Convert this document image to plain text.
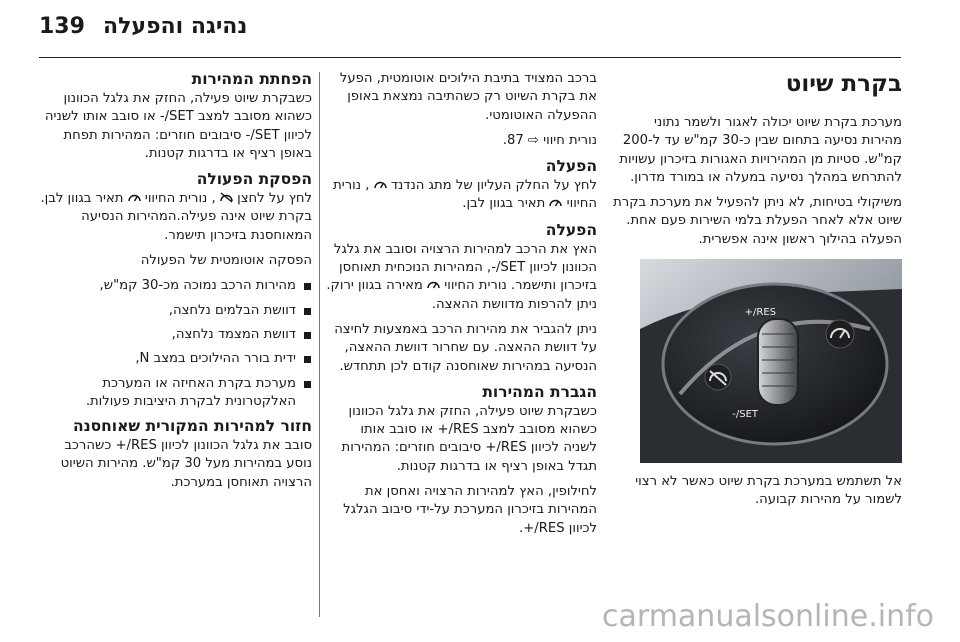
139 נהיגה והפעלה
בקרת שיוט

מערכת בקרת שיוט יכולה לאגור ולשמר נתוני מהירות נסיעה בתחום שבין כ-30 קמ"ש עד ל-200 קמ"ש. סטיות מן המהירויות האגורות בזיכרון עשויות להתרחש במהלך נסיעה במעלה או במורד מדרון.

משיקולי בטיחות, לא ניתן להפעיל את מערכת בקרת שיוט אלא לאחר הפעלת בלמי השירות פעם אחת. הפעלה בהילוך ראשון אינה אפשרית.

RES/+
SET/-

אל תשתמש במערכת בקרת שיוט כאשר לא רצוי לשמור על מהירות קבועה.

ברכב המצויד בתיבת הילוכים אוטומטית, הפעל את בקרת השיוט רק כשהתיבה נמצאת באופן ההפעלה האוטומטי.

נורית חיווי ⇨ 87.

הפעלה

לחץ על החלק העליון של מתג הנדנד  , נורית החיווי  תאיר בגוון לבן.

הפעלה

האץ את הרכב למהירות הרצויה וסובב את גלגל הכוונון לכיוון SET/-, המהירות הנוכחית תאוחסן בזיכרון ותישמר. נורית החיווי  מאירה בגוון ירוק. ניתן להרפות מדוושת ההאצה.

ניתן להגביר את מהירות הרכב באמצעות לחיצה על דוושת ההאצה. עם שחרור דוושת ההאצה, הנסיעה במהירות שאוחסנה קודם לכן תתחדש.

הגברת המהירות

כשבקרת שיוט פעילה, החזק את גלגל הכוונון כשהוא מסובב למצב RES/+ או סובב אותו לשניה לכיוון RES/+ סיבובים חוזרים: המהירות תגדל באופן רציף או בדרגות קטנות.

לחילופין, האץ למהירות הרצויה ואחסן את המהירות בזיכרון המערכת על-ידי סיבוב הגלגל לכיוון RES/+.

הפחתת המהירות

כשבקרת שיוט פעילה, החזק את גלגל הכוונון כשהוא מסובב למצב SET/- או סובב אותו לשניה לכיוון SET/- סיבובים חוזרים: המהירות תפחת באופן רציף או בדרגות קטנות.

הפסקת הפעולה

לחץ על לחצן  , נורית החיווי  תאיר בגוון לבן. בקרת שיוט אינה פעילה.המהירות הנסיעה המאוחסנת בזיכרון תישמר.

הפסקה אוטומטית של הפעולה

מהירות הרכב נמוכה מכ-30 קמ"ש,
דוושת הבלמים נלחצה,
דוושת המצמד נלחצה,
ידית בורר ההילוכים במצב N,
מערכת בקרת האחיזה או המערכת האלקטרונית לבקרת היציבות פעולות.
חזור למהירות המקורית שאוחסנה

סובב את גלגל הכוונון לכיוון RES/+ כשהרכב נוסע במהירות מעל 30 קמ"ש. מהירות השיוט הרצויה תאוחסן במערכת.

carmanualsonline.info
